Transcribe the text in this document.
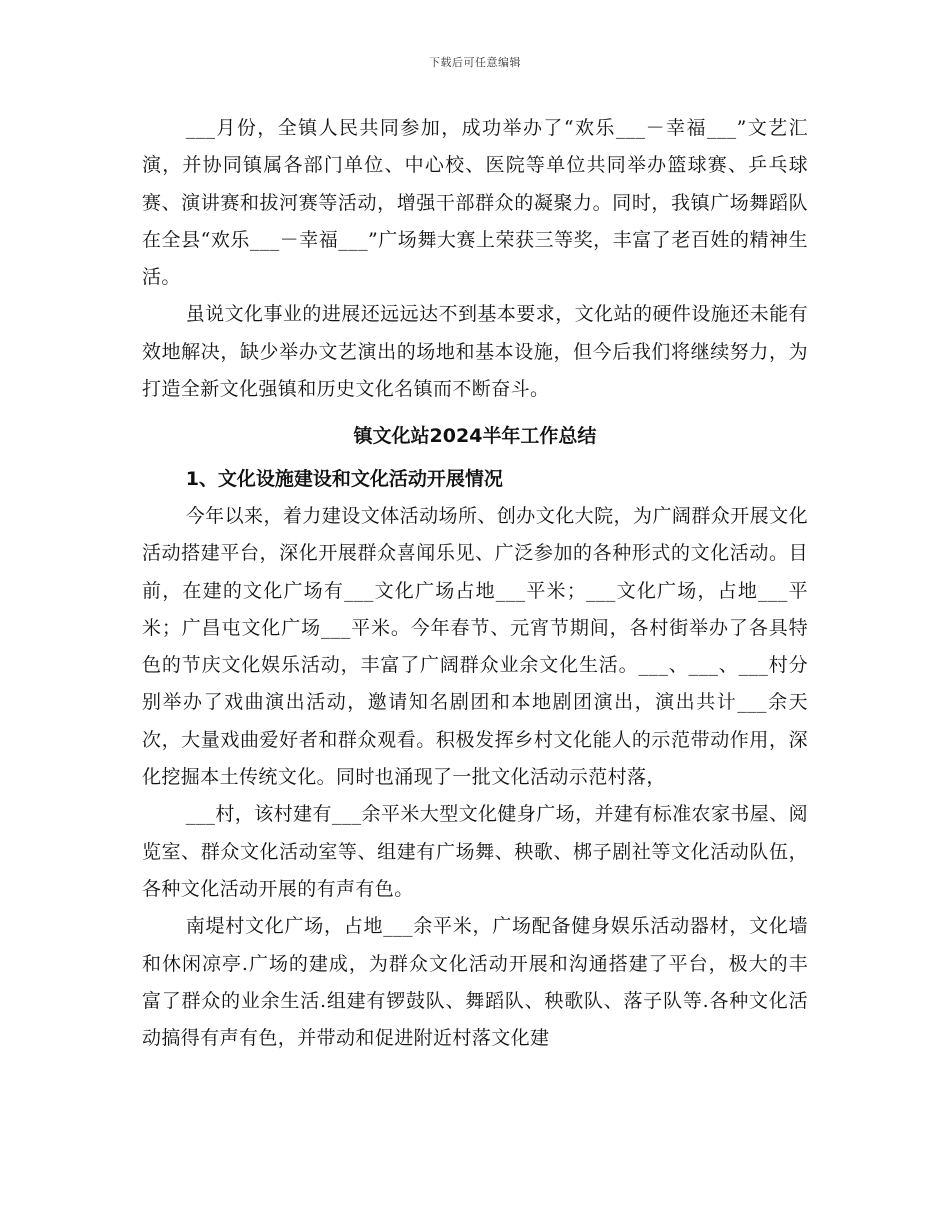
下载后可任意编辑

___月份，全镇人民共同参加，成功举办了“欢乐___－幸福___”文艺汇演，并协同镇属各部门单位、中心校、医院等单位共同举办篮球赛、乒乓球赛、演讲赛和拔河赛等活动，增强干部群众的凝聚力。同时，我镇广场舞蹈队在全县“欢乐___－幸福___”广场舞大赛上荣获三等奖，丰富了老百姓的精神生活。

虽说文化事业的进展还远远达不到基本要求，文化站的硬件设施还未能有效地解决，缺少举办文艺演出的场地和基本设施，但今后我们将继续努力，为打造全新文化强镇和历史文化名镇而不断奋斗。

镇文化站2024半年工作总结

1、文化设施建设和文化活动开展情况

今年以来，着力建设文体活动场所、创办文化大院，为广阔群众开展文化活动搭建平台，深化开展群众喜闻乐见、广泛参加的各种形式的文化活动。目前，在建的文化广场有___文化广场占地___平米；___文化广场，占地___平米；广昌屯文化广场___平米。今年春节、元宵节期间，各村街举办了各具特色的节庆文化娱乐活动，丰富了广阔群众业余文化生活。___、___、___村分别举办了戏曲演出活动，邀请知名剧团和本地剧团演出，演出共计___余天次，大量戏曲爱好者和群众观看。积极发挥乡村文化能人的示范带动作用，深化挖掘本土传统文化。同时也涌现了一批文化活动示范村落，

___村，该村建有___余平米大型文化健身广场，并建有标准农家书屋、阅览室、群众文化活动室等、组建有广场舞、秧歌、梆子剧社等文化活动队伍，各种文化活动开展的有声有色。

南堤村文化广场，占地___余平米，广场配备健身娱乐活动器材，文化墙和休闲凉亭.广场的建成，为群众文化活动开展和沟通搭建了平台，极大的丰富了群众的业余生活.组建有锣鼓队、舞蹈队、秧歌队、落子队等.各种文化活动搞得有声有色，并带动和促进附近村落文化建
